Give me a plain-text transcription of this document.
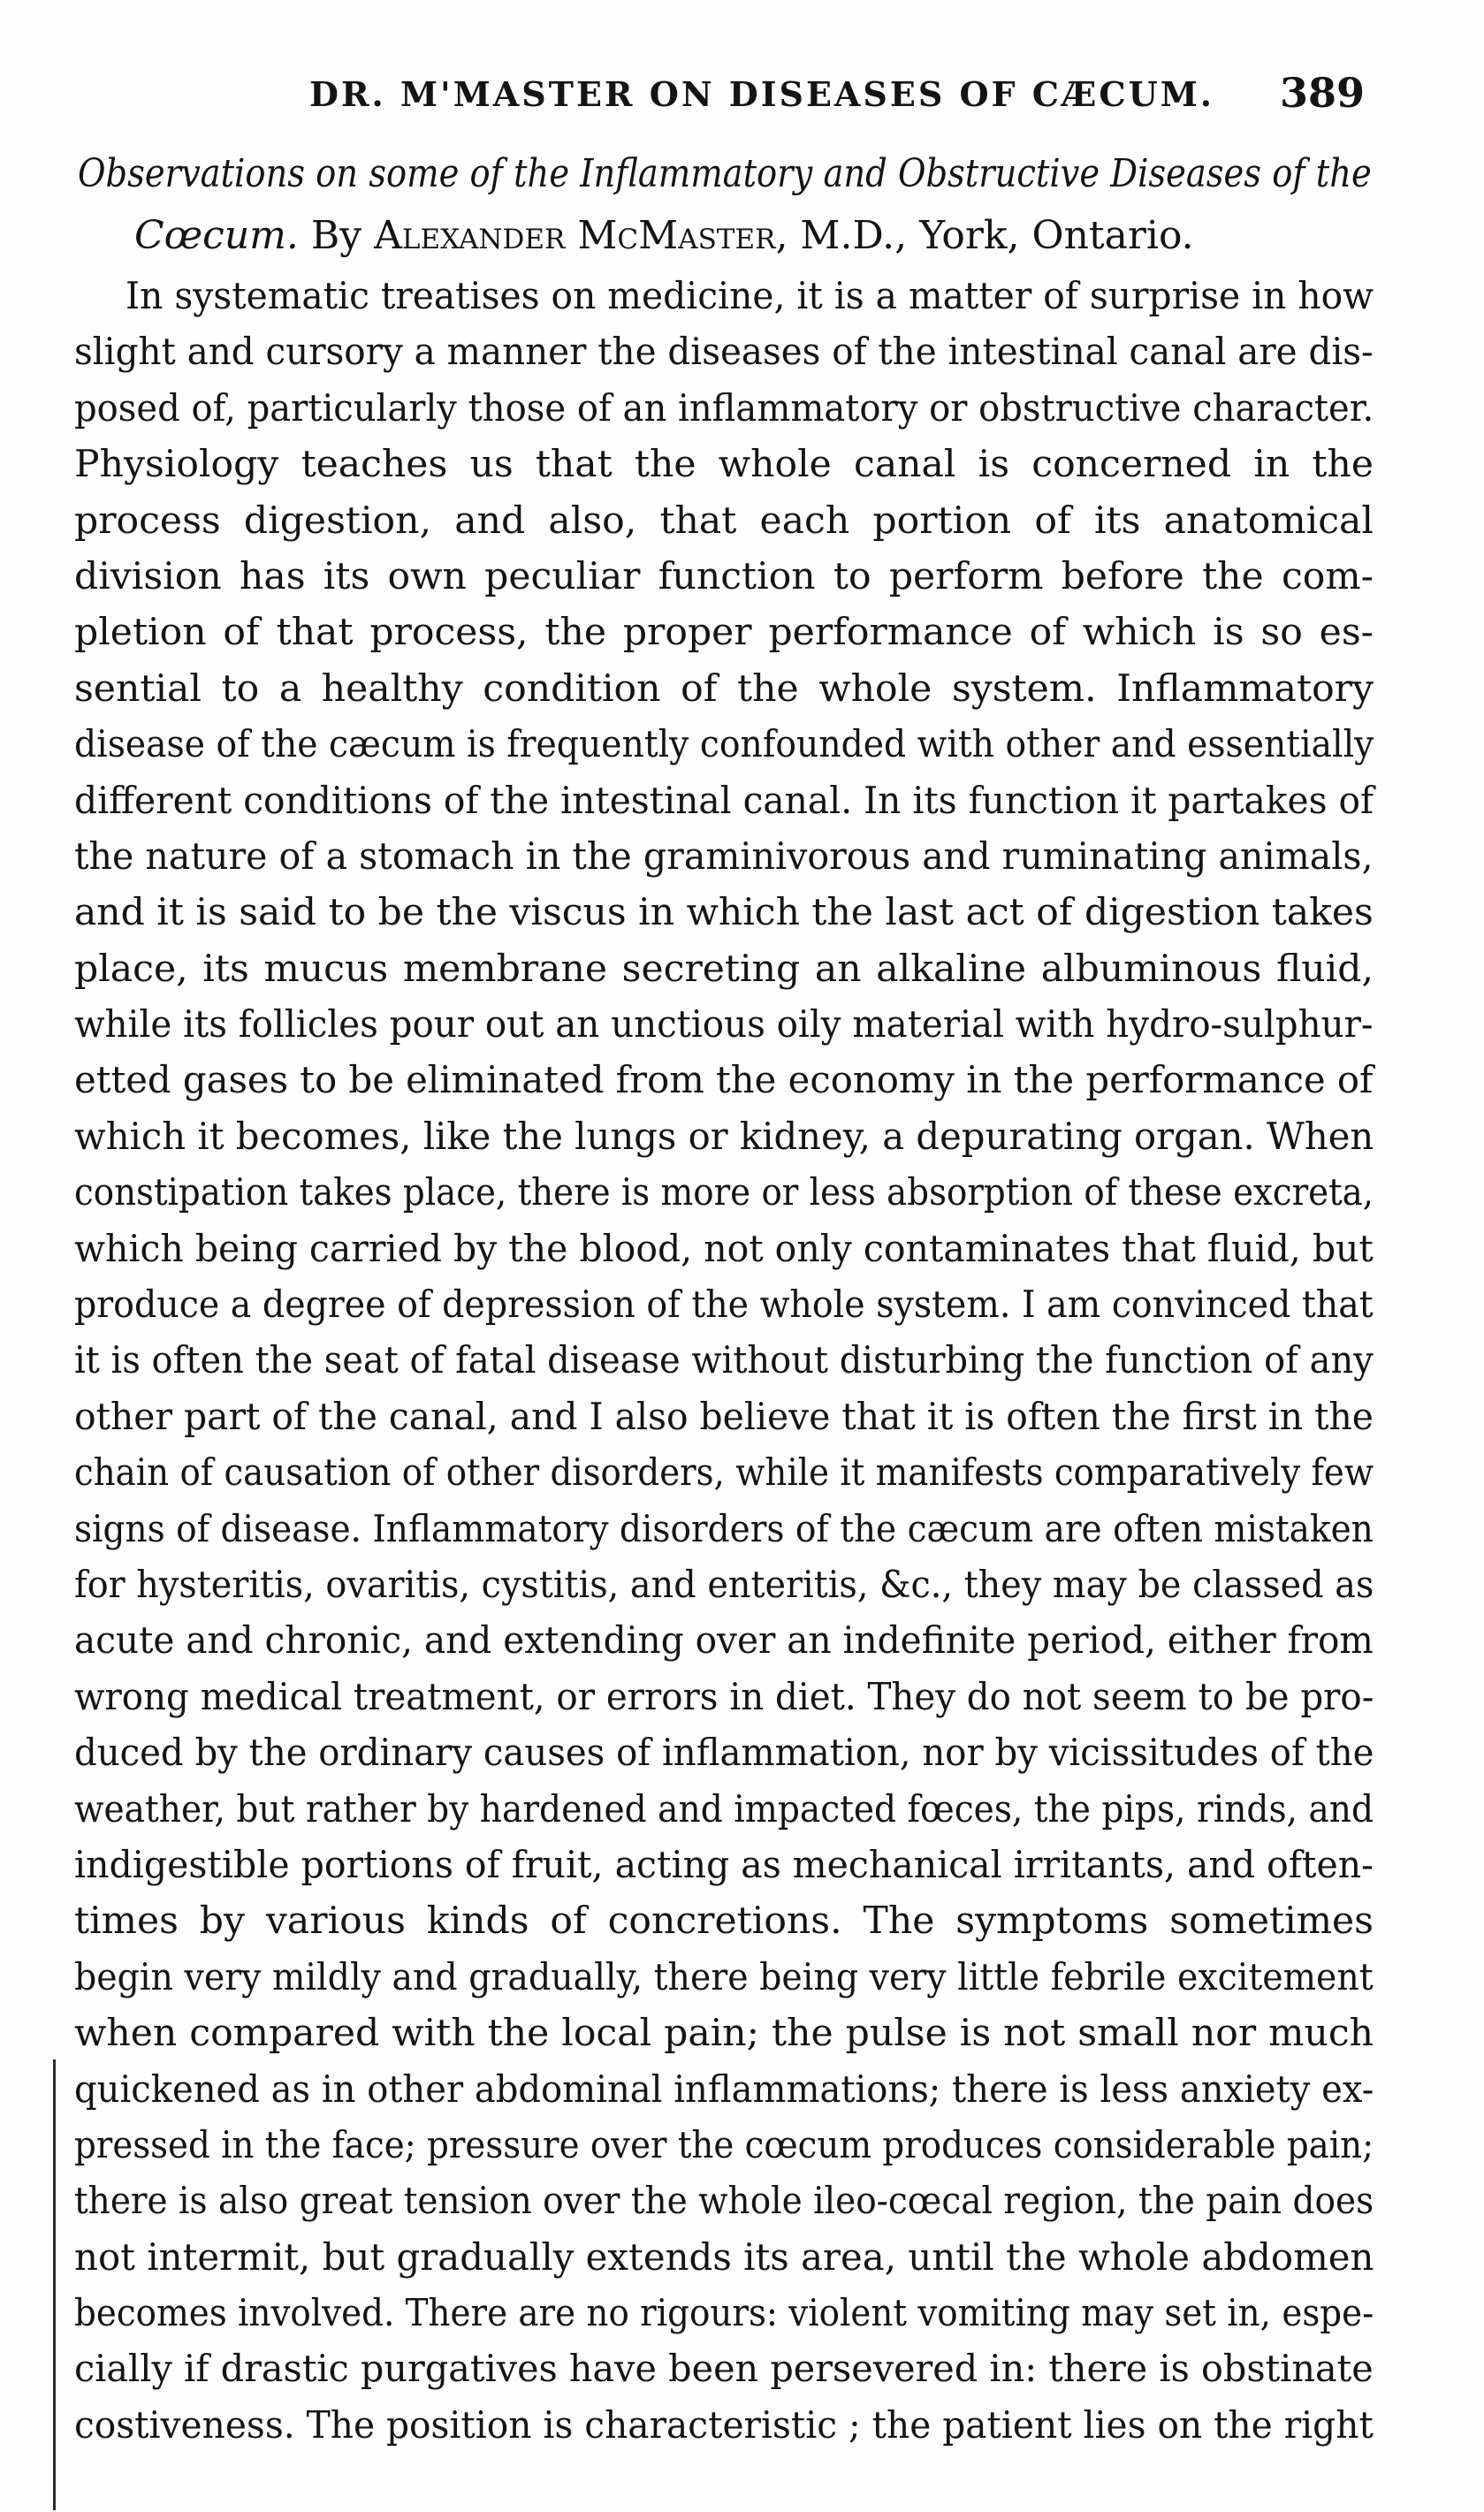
DR. M'MASTER ON DISEASES OF CÆCUM. 389
Observations on some of the Inflammatory and Obstructive Diseases of the
Cœcum. By Alexander McMaster, M.D., York, Ontario.
In systematic treatises on medicine, it is a matter of surprise in how
slight and cursory a manner the diseases of the intestinal canal are dis-
posed of, particularly those of an inflammatory or obstructive character.
Physiology teaches us that the whole canal is concerned in the
process digestion, and also, that each portion of its anatomical
division has its own peculiar function to perform before the com-
pletion of that process, the proper performance of which is so es-
sential to a healthy condition of the whole system. Inflammatory
disease of the cæcum is frequently confounded with other and essentially
different conditions of the intestinal canal. In its function it partakes of
the nature of a stomach in the graminivorous and ruminating animals,
and it is said to be the viscus in which the last act of digestion takes
place, its mucus membrane secreting an alkaline albuminous fluid,
while its follicles pour out an unctious oily material with hydro-sulphur-
etted gases to be eliminated from the economy in the performance of
which it becomes, like the lungs or kidney, a depurating organ. When
constipation takes place, there is more or less absorption of these excreta,
which being carried by the blood, not only contaminates that fluid, but
produce a degree of depression of the whole system. I am convinced that
it is often the seat of fatal disease without disturbing the function of any
other part of the canal, and I also believe that it is often the first in the
chain of causation of other disorders, while it manifests comparatively few
signs of disease. Inflammatory disorders of the cæcum are often mistaken
for hysteritis, ovaritis, cystitis, and enteritis, &c., they may be classed as
acute and chronic, and extending over an indefinite period, either from
wrong medical treatment, or errors in diet. They do not seem to be pro-
duced by the ordinary causes of inflammation, nor by vicissitudes of the
weather, but rather by hardened and impacted fœces, the pips, rinds, and
indigestible portions of fruit, acting as mechanical irritants, and often-
times by various kinds of concretions. The symptoms sometimes
begin very mildly and gradually, there being very little febrile excitement
when compared with the local pain; the pulse is not small nor much
quickened as in other abdominal inflammations; there is less anxiety ex-
pressed in the face; pressure over the cœcum produces considerable pain;
there is also great tension over the whole ileo-cœcal region, the pain does
not intermit, but gradually extends its area, until the whole abdomen
becomes involved. There are no rigours: violent vomiting may set in, espe-
cially if drastic purgatives have been persevered in: there is obstinate
costiveness. The position is characteristic ; the patient lies on the right
